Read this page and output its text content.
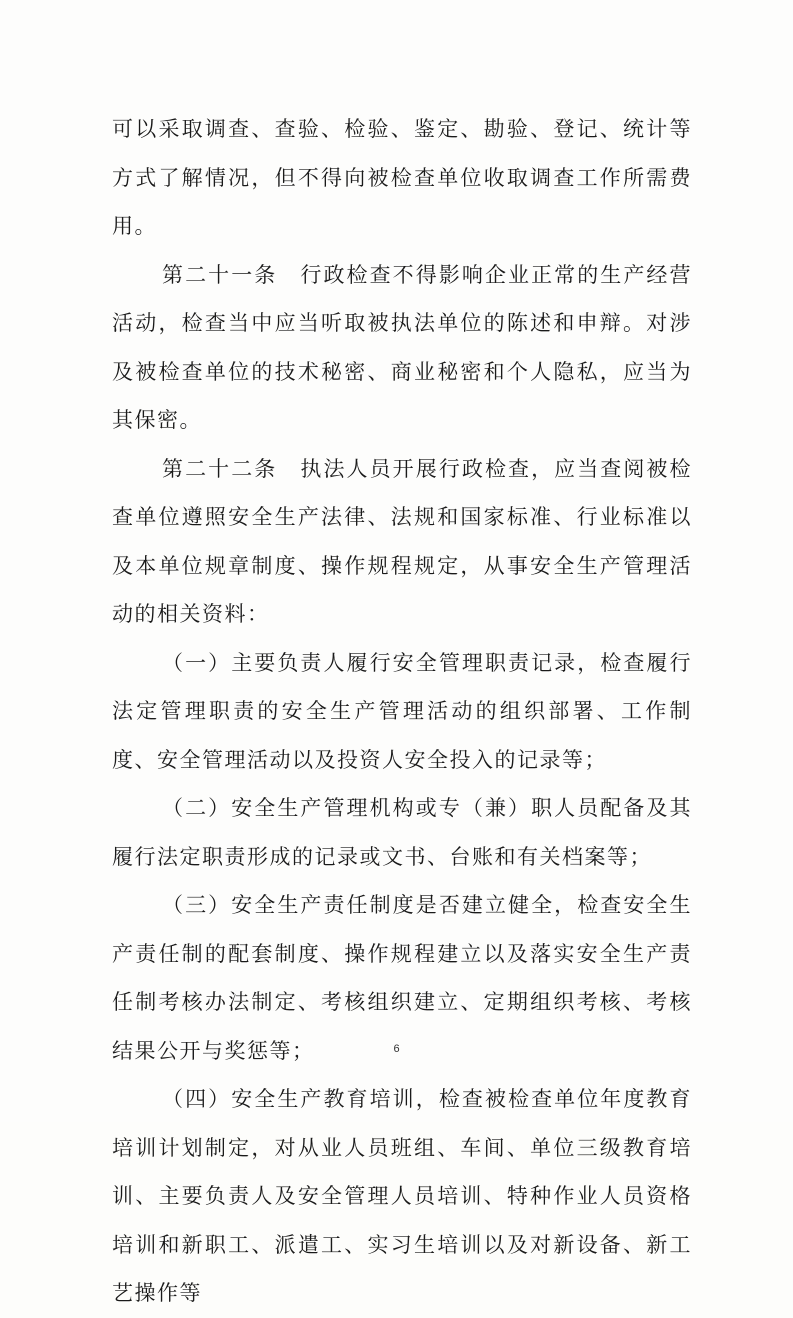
可以采取调查、查验、检验、鉴定、勘验、登记、统计等方式了解情况，但不得向被检查单位收取调查工作所需费用。

第二十一条　行政检查不得影响企业正常的生产经营活动，检查当中应当听取被执法单位的陈述和申辩。对涉及被检查单位的技术秘密、商业秘密和个人隐私，应当为其保密。

第二十二条　执法人员开展行政检查，应当查阅被检查单位遵照安全生产法律、法规和国家标准、行业标准以及本单位规章制度、操作规程规定，从事安全生产管理活动的相关资料：

（一）主要负责人履行安全管理职责记录，检查履行法定管理职责的安全生产管理活动的组织部署、工作制度、安全管理活动以及投资人安全投入的记录等；

（二）安全生产管理机构或专（兼）职人员配备及其履行法定职责形成的记录或文书、台账和有关档案等；

（三）安全生产责任制度是否建立健全，检查安全生产责任制的配套制度、操作规程建立以及落实安全生产责任制考核办法制定、考核组织建立、定期组织考核、考核结果公开与奖惩等；

（四）安全生产教育培训，检查被检查单位年度教育培训计划制定，对从业人员班组、车间、单位三级教育培训、主要负责人及安全管理人员培训、特种作业人员资格培训和新职工、派遣工、实习生培训以及对新设备、新工艺操作等

6
